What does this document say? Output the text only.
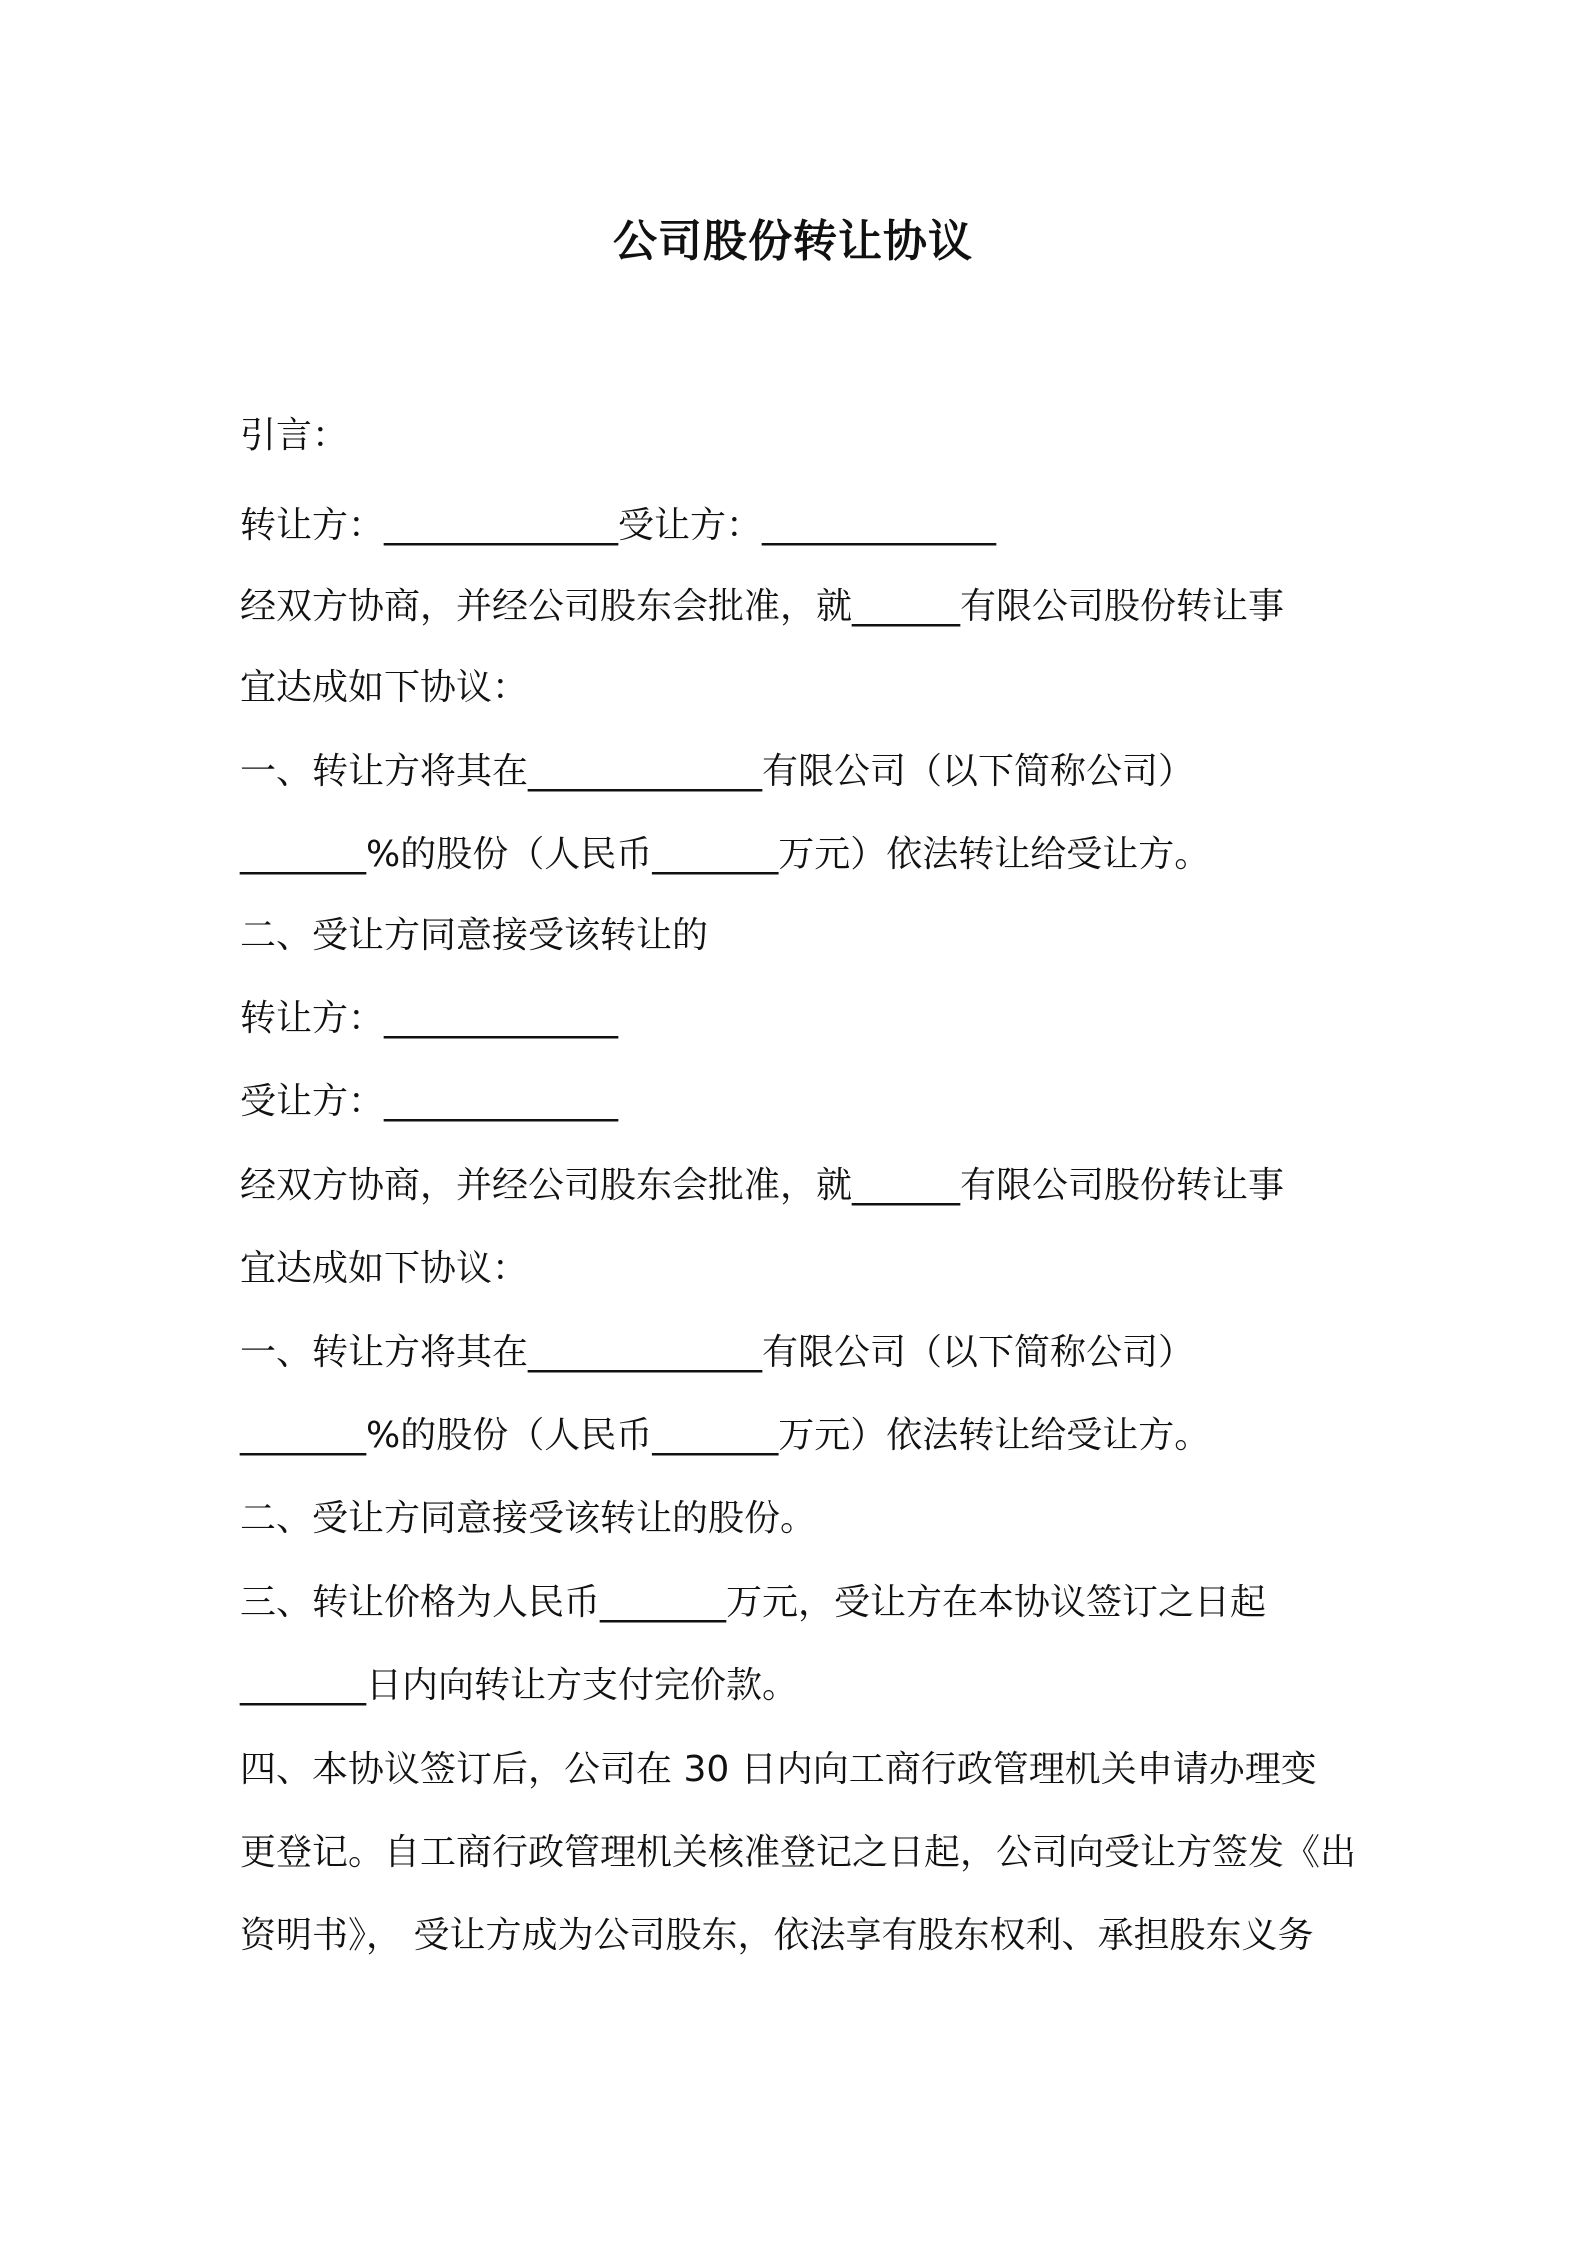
公司股份转让协议
引言：
转让方：_____________受让方：_____________
经双方协商，并经公司股东会批准，就______有限公司股份转让事
宜达成如下协议：
一、转让方将其在_____________有限公司（以下简称公司）
_______%的股份（人民币_______万元）依法转让给受让方。
二、受让方同意接受该转让的
转让方：_____________
受让方：_____________
经双方协商，并经公司股东会批准，就______有限公司股份转让事
宜达成如下协议：
一、转让方将其在_____________有限公司（以下简称公司）
_______%的股份（人民币_______万元）依法转让给受让方。
二、受让方同意接受该转让的股份。
三、转让价格为人民币_______万元，受让方在本协议签订之日起
_______日内向转让方支付完价款。
四、本协议签订后，公司在 30 日内向工商行政管理机关申请办理变
更登记。自工商行政管理机关核准登记之日起，公司向受让方签发《出
资明书》， 受让方成为公司股东，依法享有股东权利、承担股东义务
